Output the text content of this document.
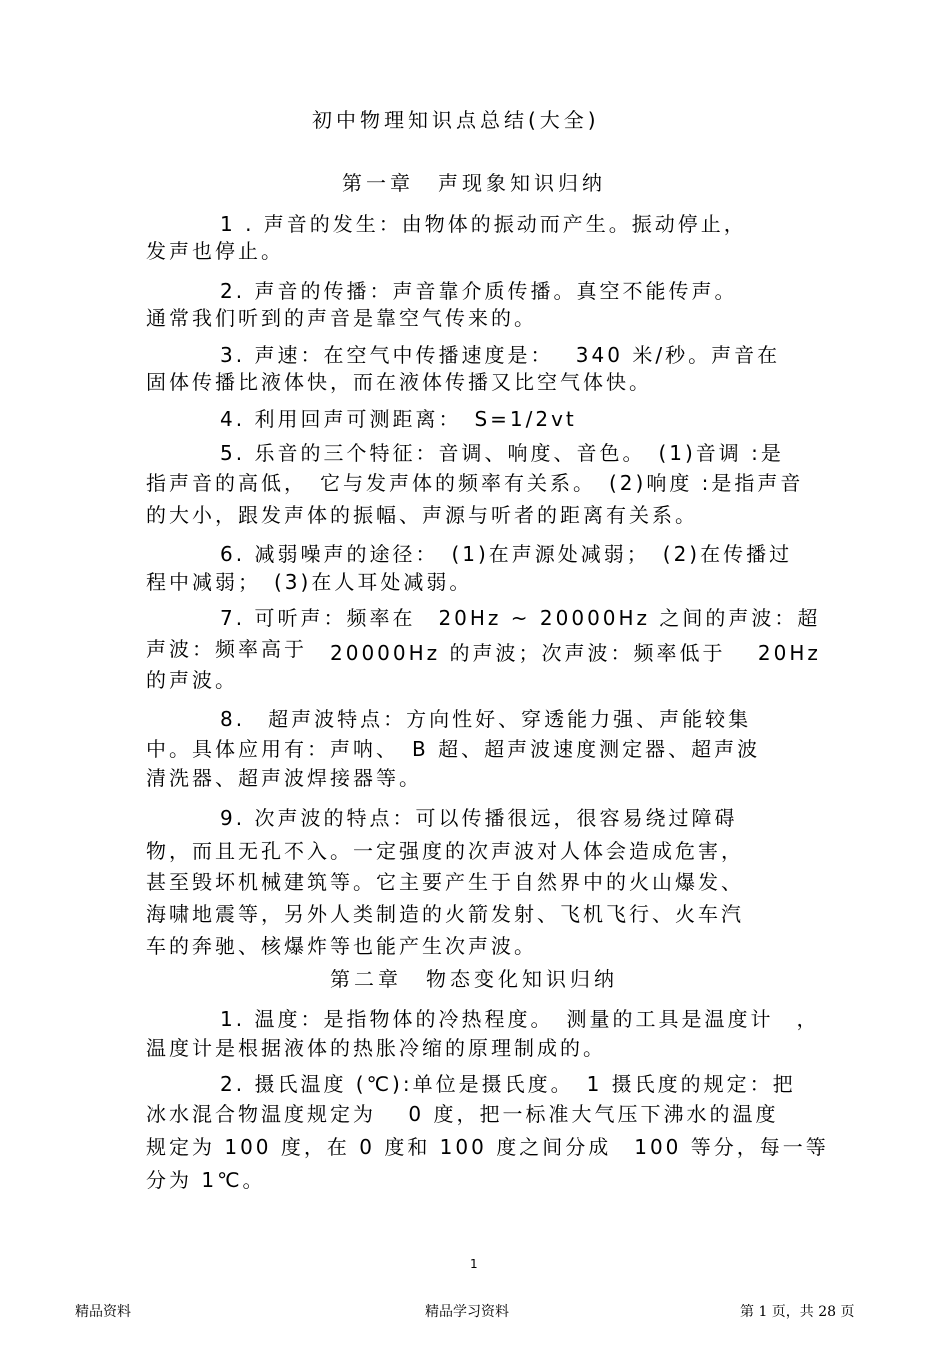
初中物理知识点总结(大全)
第一章　声现象知识归纳
1 . 声音的发生：由物体的振动而产生。振动停止，
发声也停止。
2. 声音的传播：声音靠介质传播。真空不能传声。
通常我们听到的声音是靠空气传来的。
3. 声速：在空气中传播速度是：　 340 米/秒。声音在
固体传播比液体快，而在液体传播又比空气体快。
4. 利用回声可测距离：　S=1/2vt
5. 乐音的三个特征：音调、响度、音色。　(1)音调 :是
指声音的高低，　它与发声体的频率有关系。　(2)响度 :是指声音
的大小，跟发声体的振幅、声源与听者的距离有关系。
6. 减弱噪声的途径：　(1)在声源处减弱；　(2)在传播过
程中减弱；　(3)在人耳处减弱。
7. 可听声：频率在　20Hz ~ 20000Hz 之间的声波：超
声波：频率高于 20000Hz 的声波；次声波：频率低于　 20Hz
的声波。
8.　超声波特点：方向性好、穿透能力强、声能较集
中。具体应用有：声呐、　B 超、超声波速度测定器、超声波
清洗器、超声波焊接器等。
9. 次声波的特点：可以传播很远，很容易绕过障碍
物，而且无孔不入。一定强度的次声波对人体会造成危害，
甚至毁坏机械建筑等。它主要产生于自然界中的火山爆发、
海啸地震等，另外人类制造的火箭发射、飞机飞行、火车汽
车的奔驰、核爆炸等也能产生次声波。
第二章　物态变化知识归纳
1. 温度：是指物体的冷热程度。　测量的工具是温度计　，
温度计是根据液体的热胀冷缩的原理制成的。
2. 摄氏温度 (℃):单位是摄氏度。　1 摄氏度的规定：把
冰水混合物温度规定为　 0 度，把一标准大气压下沸水的温度
规定为 100 度，在 0 度和 100 度之间分成　100 等分，每一等
分为 1℃。
1
精品资料	精品学习资料	第 1 页，共 28 页
